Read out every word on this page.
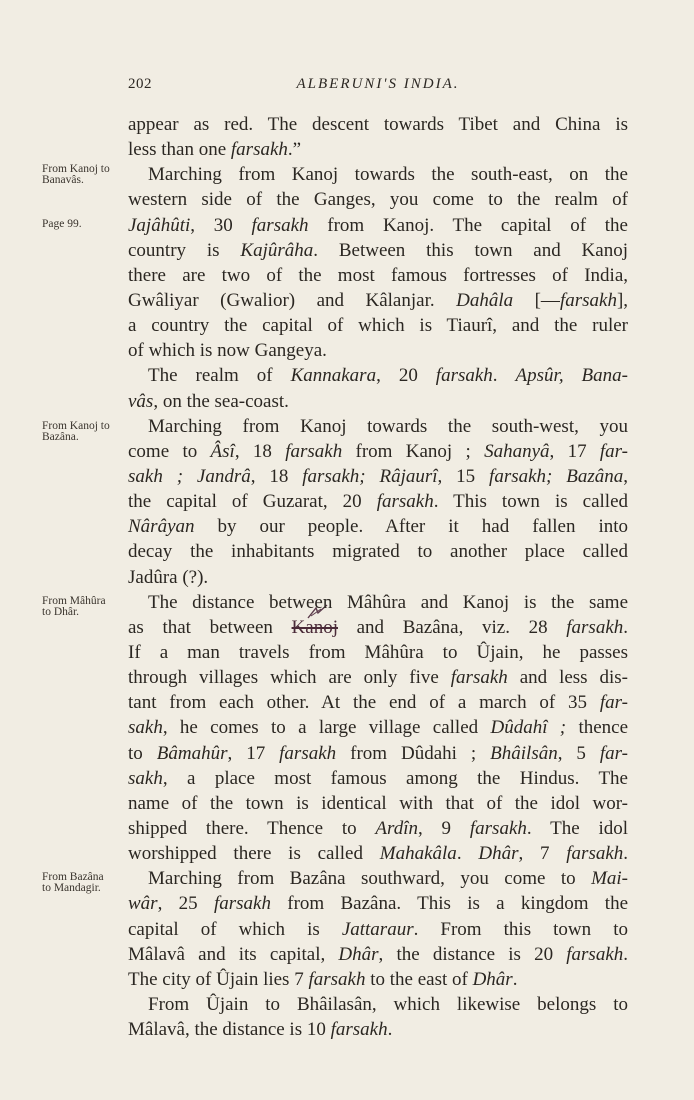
202	ALBERUNI'S INDIA.
From Kanoj to Banavâs.
Page 99.
From Kanoj to Bazâna.
From Mâhûra to Dhâr.
From Bazâna to Mandagir.
appear as red. The descent towards Tibet and China is
less than one farsakh.”
Marching from Kanoj towards the south-east, on the
western side of the Ganges, you come to the realm of
Jajâhûti, 30 farsakh from Kanoj. The capital of the
country is Kajûrâha. Between this town and Kanoj
there are two of the most famous fortresses of India,
Gwâliyar (Gwalior) and Kâlanjar. Dahâla [—farsakh],
a country the capital of which is Tiaurî, and the ruler
of which is now Gangeya.
The realm of Kannakara, 20 farsakh. Apsûr, Bana-
vâs, on the sea-coast.
Marching from Kanoj towards the south-west, you
come to Âsî, 18 farsakh from Kanoj ; Sahanyâ, 17 far-
sakh ; Jandrâ, 18 farsakh; Râjaurî, 15 farsakh; Bazâna,
the capital of Guzarat, 20 farsakh. This town is called
Nârâyan by our people. After it had fallen into
decay the inhabitants migrated to another place called
Jadûra (?).
The distance between Mâhûra and Kanoj is the same
as that between Kanoj and Bazâna, viz. 28 farsakh.
If a man travels from Mâhûra to Ûjain, he passes
through villages which are only five farsakh and less dis-
tant from each other. At the end of a march of 35 far-
sakh, he comes to a large village called Dûdahî ; thence
to Bâmahûr, 17 farsakh from Dûdahi ; Bhâilsân, 5 far-
sakh, a place most famous among the Hindus. The
name of the town is identical with that of the idol wor-
shipped there. Thence to Ardîn, 9 farsakh. The idol
worshipped there is called Mahakâla. Dhâr, 7 farsakh.
Marching from Bazâna southward, you come to Mai-
wâr, 25 farsakh from Bazâna. This is a kingdom the
capital of which is Jattaraur. From this town to
Mâlavâ and its capital, Dhâr, the distance is 20 farsakh.
The city of Ûjain lies 7 farsakh to the east of Dhâr.
From Ûjain to Bhâilasân, which likewise belongs to
Mâlavâ, the distance is 10 farsakh.
